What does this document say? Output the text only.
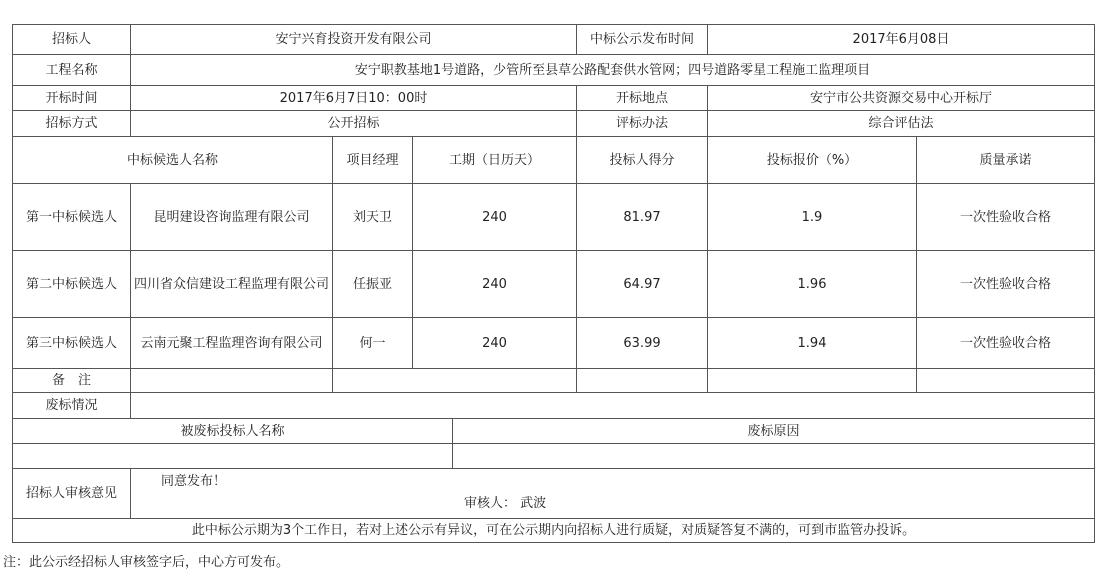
招标人	安宁兴育投资开发有限公司				中标公示发布时间	2017年6月08日	
工程名称	安宁职教基地1号道路，少管所至县草公路配套供水管网；四号道路零星工程施工监理项目						
开标时间	2017年6月7日10：00时				开标地点	安宁市公共资源交易中心开标厅	
招标方式	公开招标				评标办法	综合评估法	
中标候选人名称		项目经理	工期（日历天）		投标人得分	投标报价（%）	质量承诺
第一中标候选人	昆明建设咨询监理有限公司	刘天卫	240		81.97	1.9	一次性验收合格
第二中标候选人	四川省众信建设工程监理有限公司	任振亚	240		64.97	1.96	一次性验收合格
第三中标候选人	云南元聚工程监理咨询有限公司	何一	240		63.99	1.94	一次性验收合格
备　注							
废标情况							
被废标投标人名称				废标原因			

招标人审核意见	同意发布！
审核人： 武波						

此中标公示期为3个工作日，若对上述公示有异议，可在公示期内向招标人进行质疑，对质疑答复不满的，可到市监管办投诉。							
注：此公示经招标人审核签字后，中心方可发布。
